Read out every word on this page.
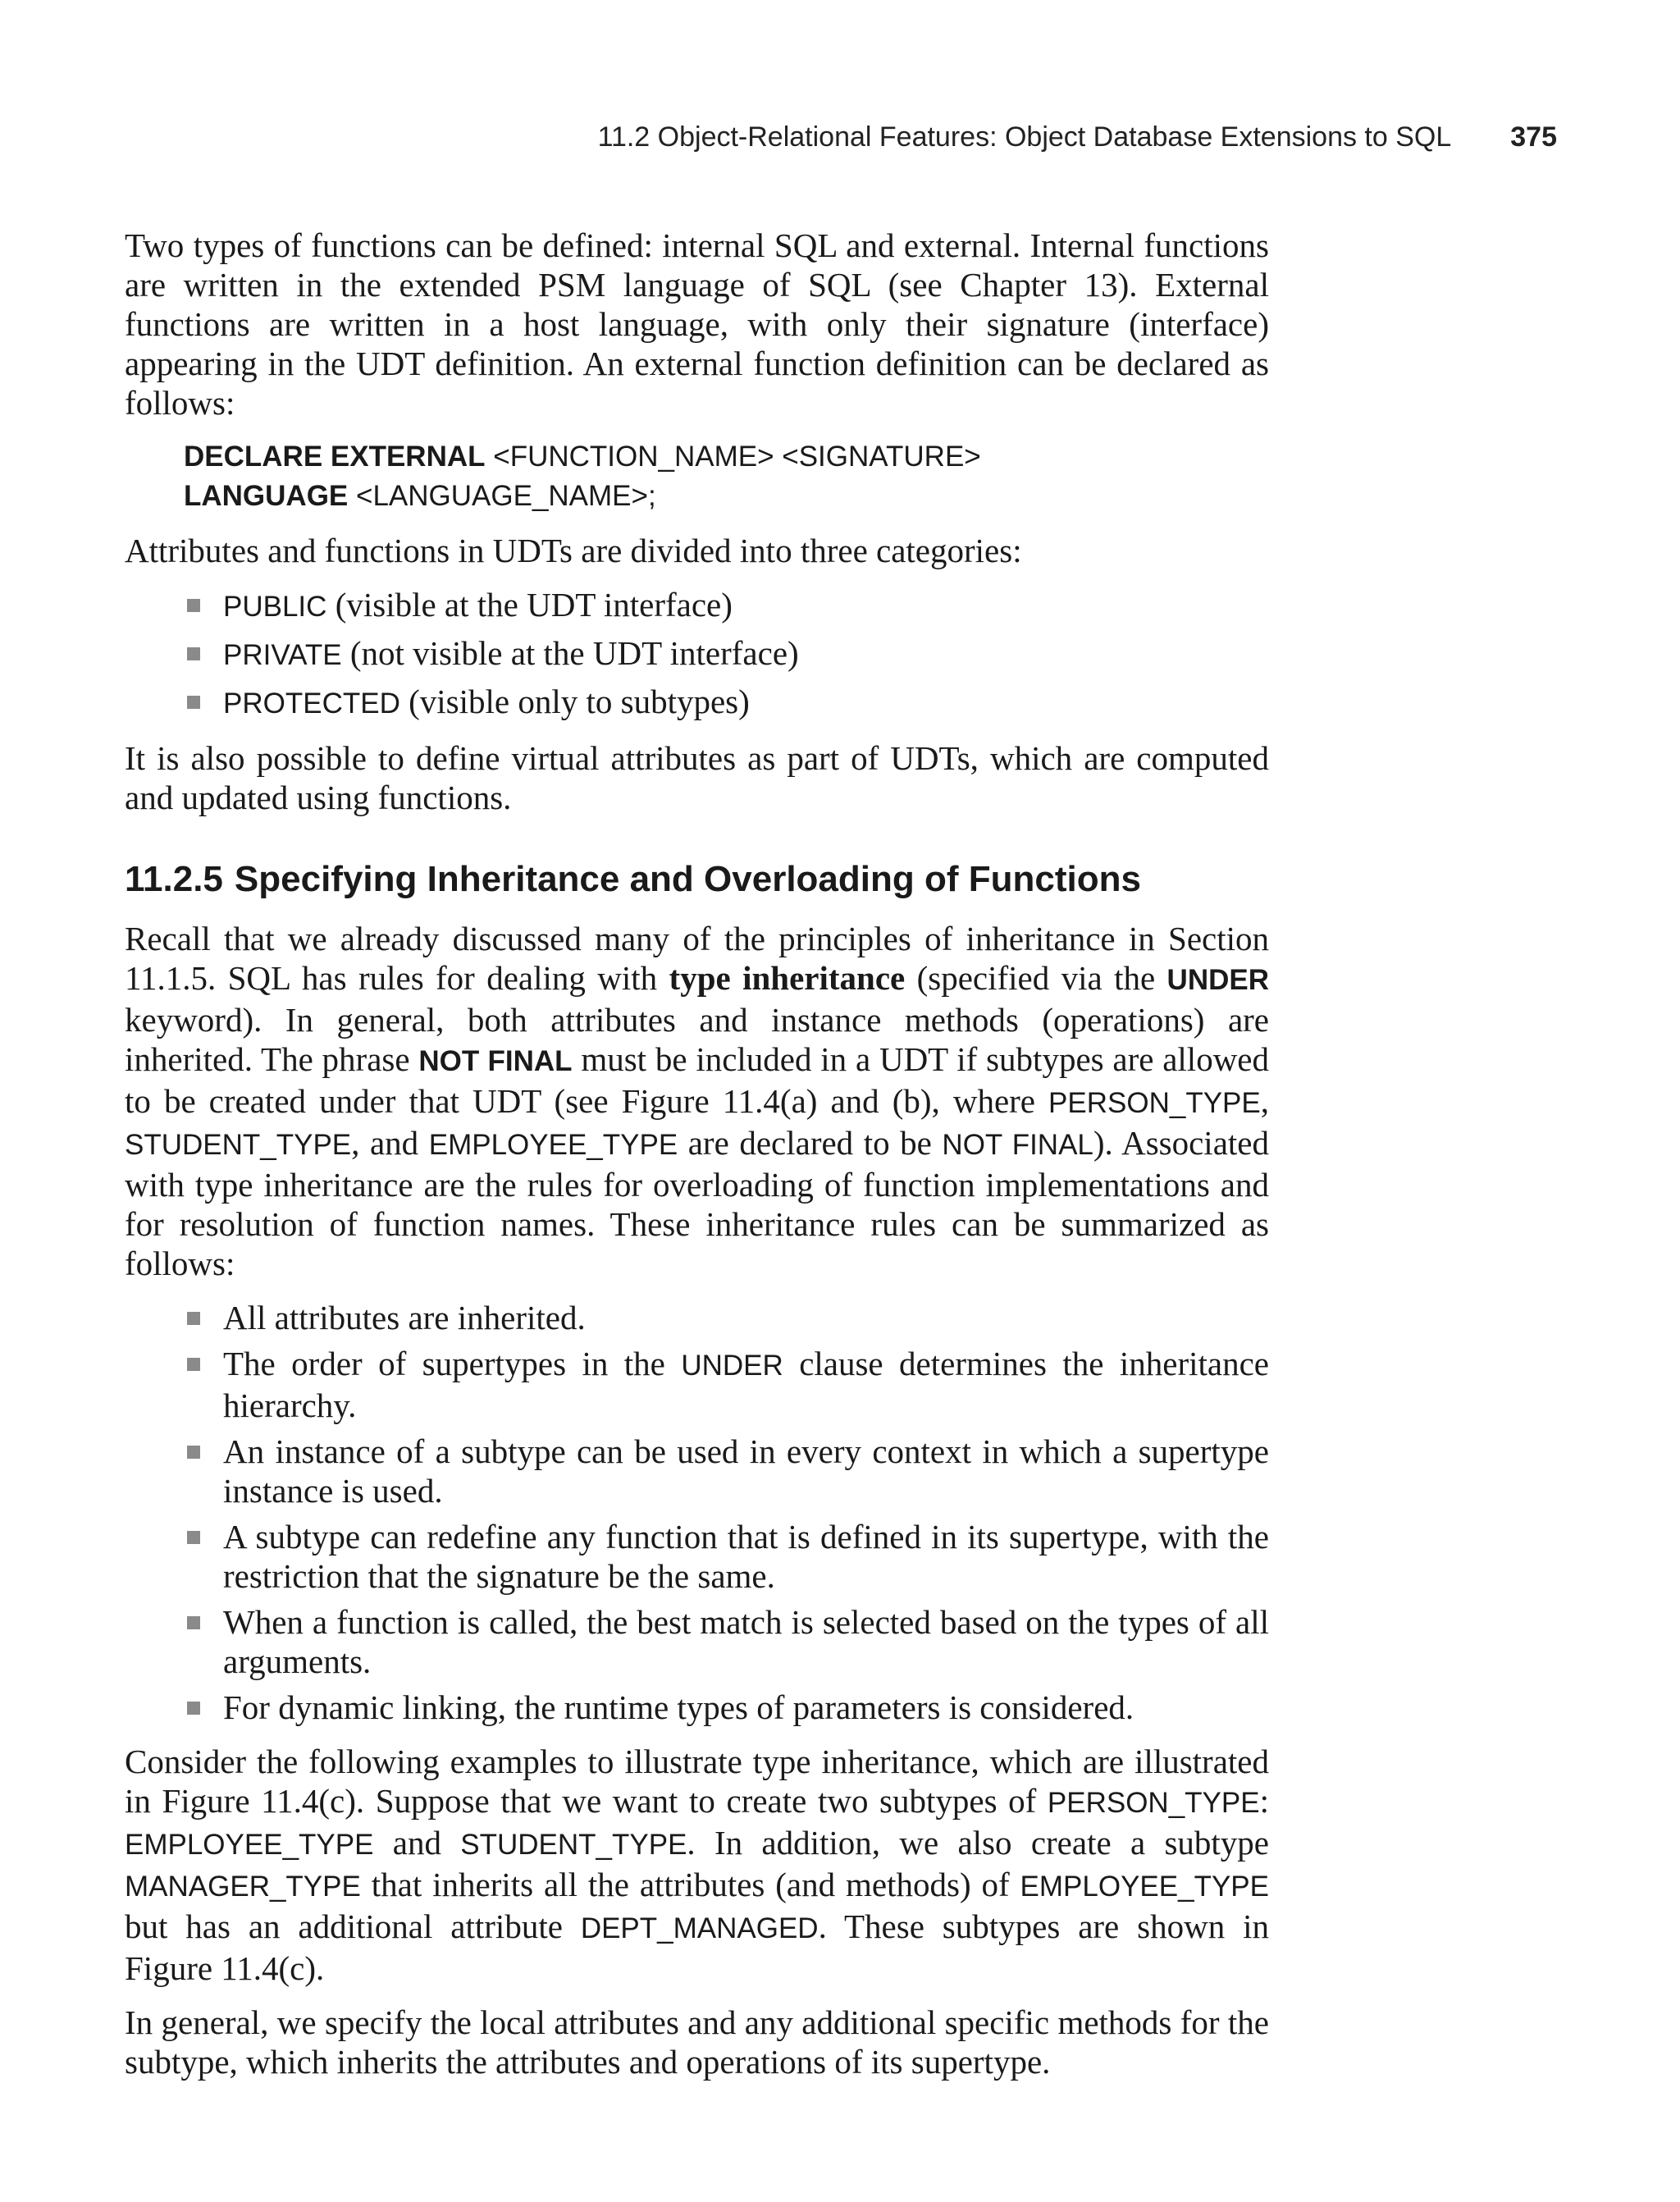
11.2 Object-Relational Features: Object Database Extensions to SQL 375

Two types of functions can be defined: internal SQL and external. Internal functions are written in the extended PSM language of SQL (see Chapter 13). External functions are written in a host language, with only their signature (interface) appearing in the UDT definition. An external function definition can be declared as follows:

DECLARE EXTERNAL <FUNCTION_NAME> <SIGNATURE>
LANGUAGE <LANGUAGE_NAME>;

Attributes and functions in UDTs are divided into three categories:

PUBLIC (visible at the UDT interface)
PRIVATE (not visible at the UDT interface)
PROTECTED (visible only to subtypes)

It is also possible to define virtual attributes as part of UDTs, which are computed and updated using functions.

11.2.5 Specifying Inheritance and Overloading of Functions

Recall that we already discussed many of the principles of inheritance in Section 11.1.5. SQL has rules for dealing with type inheritance (specified via the UNDER keyword). In general, both attributes and instance methods (operations) are inherited. The phrase NOT FINAL must be included in a UDT if subtypes are allowed to be created under that UDT (see Figure 11.4(a) and (b), where PERSON_TYPE, STUDENT_TYPE, and EMPLOYEE_TYPE are declared to be NOT FINAL). Associated with type inheritance are the rules for overloading of function implementations and for resolution of function names. These inheritance rules can be summarized as follows:

All attributes are inherited.
The order of supertypes in the UNDER clause determines the inheritance hierarchy.
An instance of a subtype can be used in every context in which a supertype instance is used.
A subtype can redefine any function that is defined in its supertype, with the restriction that the signature be the same.
When a function is called, the best match is selected based on the types of all arguments.
For dynamic linking, the runtime types of parameters is considered.

Consider the following examples to illustrate type inheritance, which are illustrated in Figure 11.4(c). Suppose that we want to create two subtypes of PERSON_TYPE: EMPLOYEE_TYPE and STUDENT_TYPE. In addition, we also create a subtype MANAGER_TYPE that inherits all the attributes (and methods) of EMPLOYEE_TYPE but has an additional attribute DEPT_MANAGED. These subtypes are shown in Figure 11.4(c).

In general, we specify the local attributes and any additional specific methods for the subtype, which inherits the attributes and operations of its supertype.
